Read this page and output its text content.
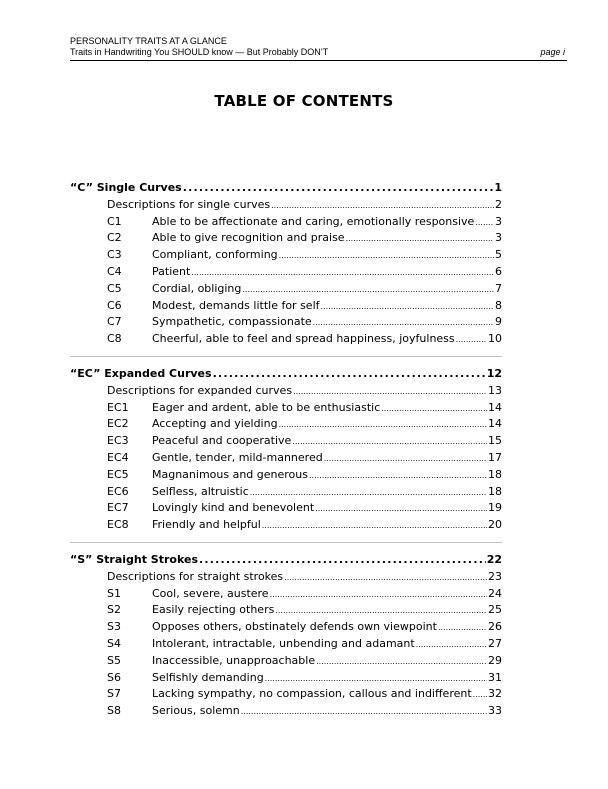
PERSONALITY TRAITS AT A GLANCE
Traits in Handwriting You SHOULD know — But Probably DON’T	page i
TABLE OF CONTENTS
“C” Single Curves .....	1
Descriptions for single curves .....	2
C1	Able to be affectionate and caring, emotionally responsive ..... 3
C2	Able to give recognition and praise .....	3
C3	Compliant, conforming .....	5
C4	Patient .....	6
C5	Cordial, obliging .....	7
C6	Modest, demands little for self .....	8
C7	Sympathetic, compassionate .....	9
C8	Cheerful, able to feel and spread happiness, joyfulness .....	10
“EC” Expanded Curves .....	12
Descriptions for expanded curves .....	13
EC1	Eager and ardent, able to be enthusiastic .....	14
EC2	Accepting and yielding .....	14
EC3	Peaceful and cooperative .....	15
EC4	Gentle, tender, mild-mannered .....	17
EC5	Magnanimous and generous .....	18
EC6	Selfless, altruistic .....	18
EC7	Lovingly kind and benevolent .....	19
EC8	Friendly and helpful .....	20
“S” Straight Strokes .....	22
Descriptions for straight strokes .....	23
S1	Cool, severe, austere .....	24
S2	Easily rejecting others .....	25
S3	Opposes others, obstinately defends own viewpoint .....	26
S4	Intolerant, intractable, unbending and adamant .....	27
S5	Inaccessible, unapproachable .....	29
S6	Selfishly demanding .....	31
S7	Lacking sympathy, no compassion, callous and indifferent ..... 32
S8	Serious, solemn .....	33
